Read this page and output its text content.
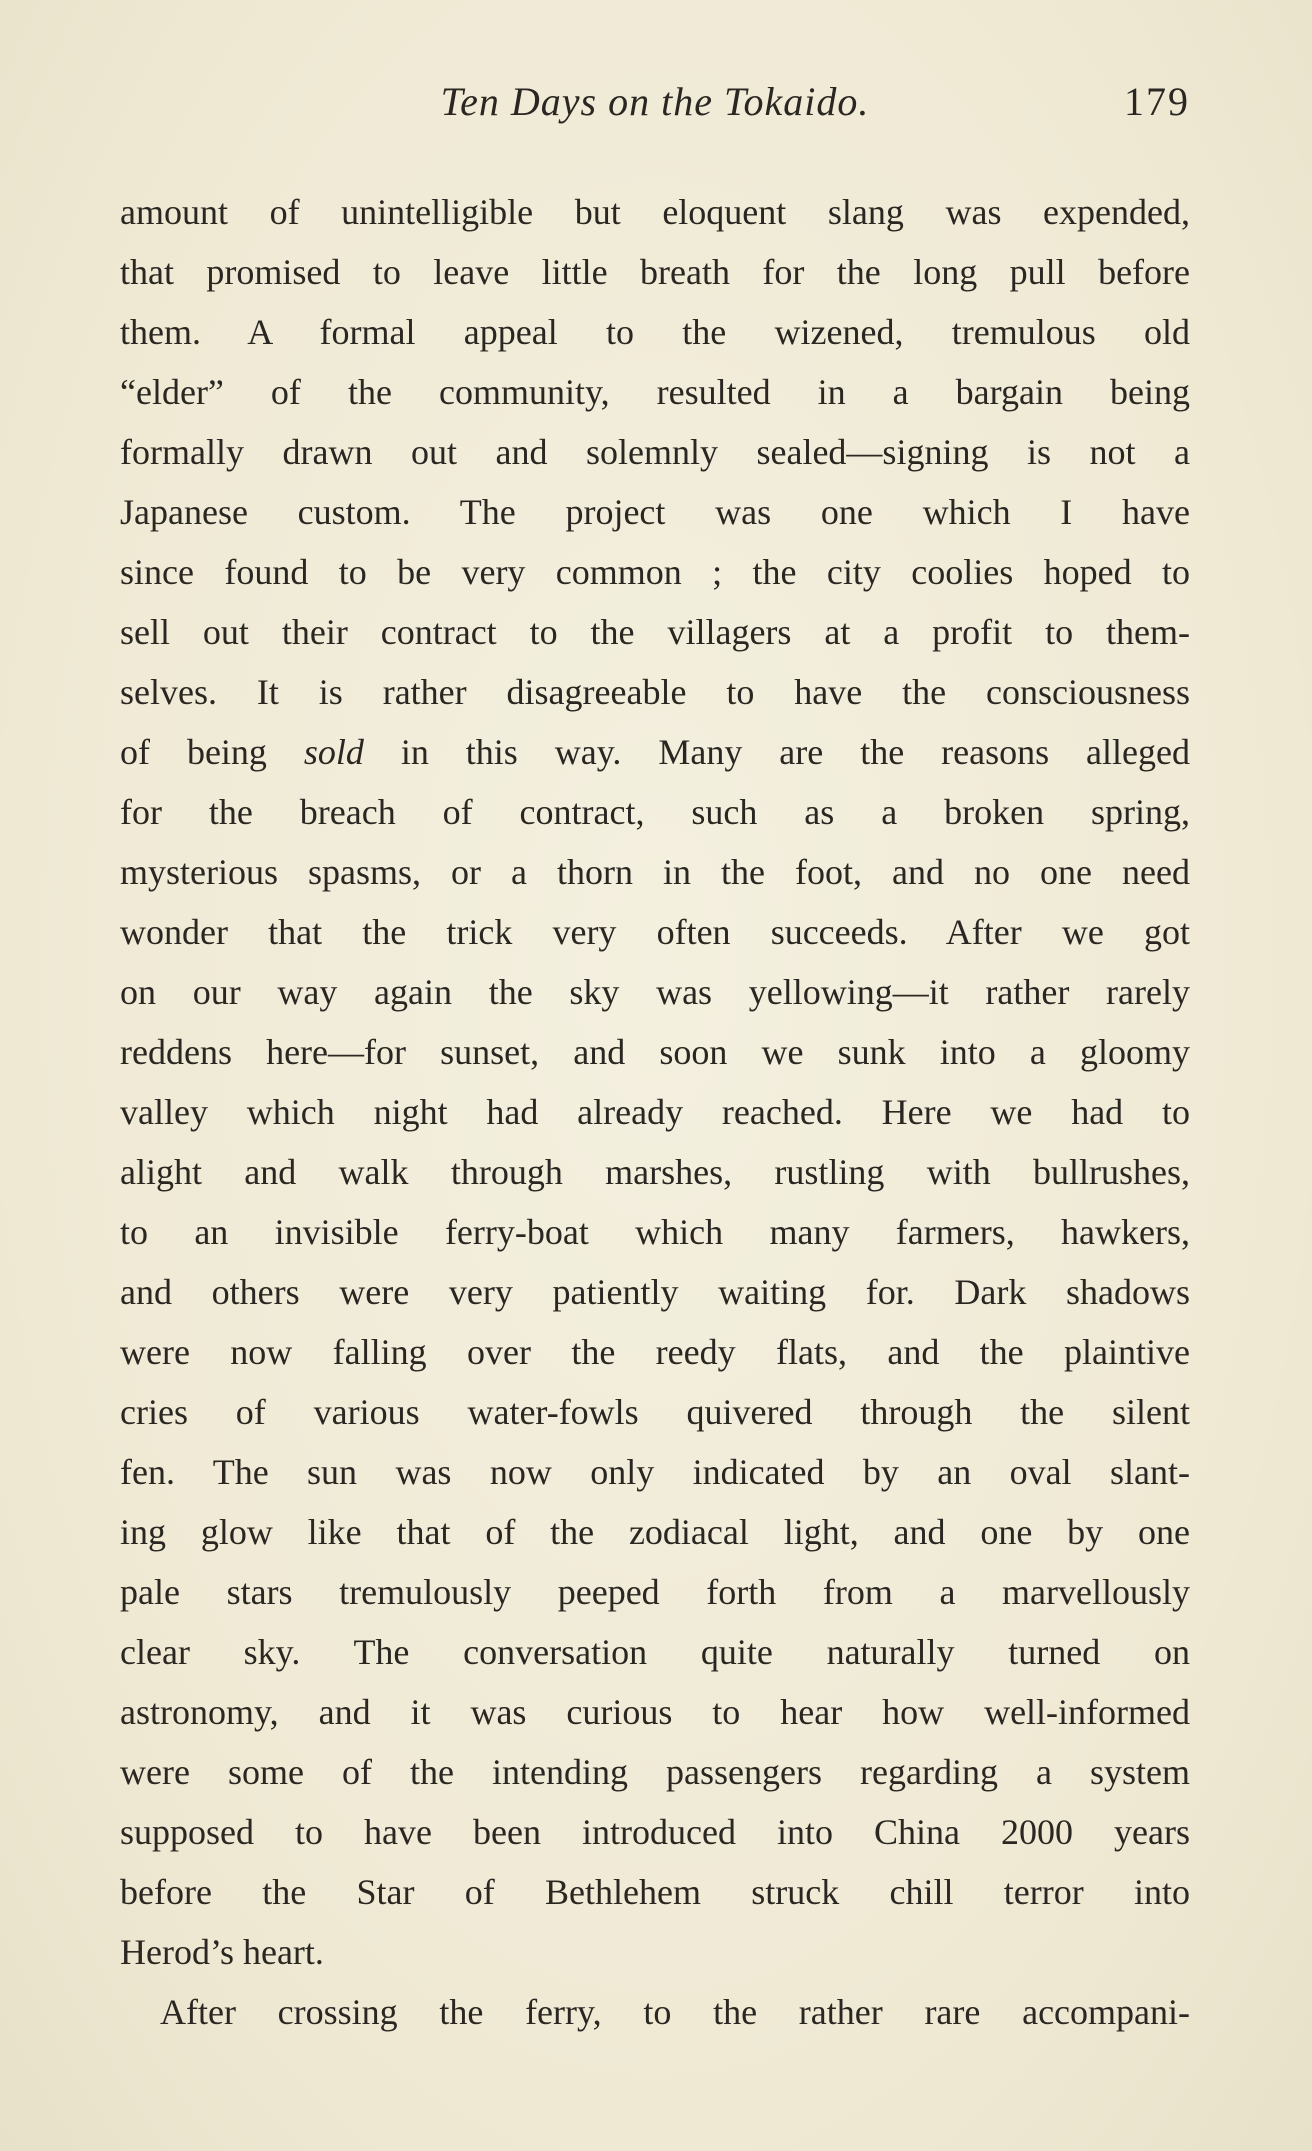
Ten Days on the Tokaido.	179
amount of unintelligible but eloquent slang was expended,
that promised to leave little breath for the long pull before
them. A formal appeal to the wizened, tremulous old
“elder” of the community, resulted in a bargain being
formally drawn out and solemnly sealed—signing is not a
Japanese custom. The project was one which I have
since found to be very common ; the city coolies hoped to
sell out their contract to the villagers at a profit to them-
selves. It is rather disagreeable to have the consciousness
of being sold in this way. Many are the reasons alleged
for the breach of contract, such as a broken spring,
mysterious spasms, or a thorn in the foot, and no one need
wonder that the trick very often succeeds. After we got
on our way again the sky was yellowing—it rather rarely
reddens here—for sunset, and soon we sunk into a gloomy
valley which night had already reached. Here we had to
alight and walk through marshes, rustling with bullrushes,
to an invisible ferry-boat which many farmers, hawkers,
and others were very patiently waiting for. Dark shadows
were now falling over the reedy flats, and the plaintive
cries of various water-fowls quivered through the silent
fen. The sun was now only indicated by an oval slant-
ing glow like that of the zodiacal light, and one by one
pale stars tremulously peeped forth from a marvellously
clear sky. The conversation quite naturally turned on
astronomy, and it was curious to hear how well-informed
were some of the intending passengers regarding a system
supposed to have been introduced into China 2000 years
before the Star of Bethlehem struck chill terror into
Herod’s heart.
After crossing the ferry, to the rather rare accompani-
